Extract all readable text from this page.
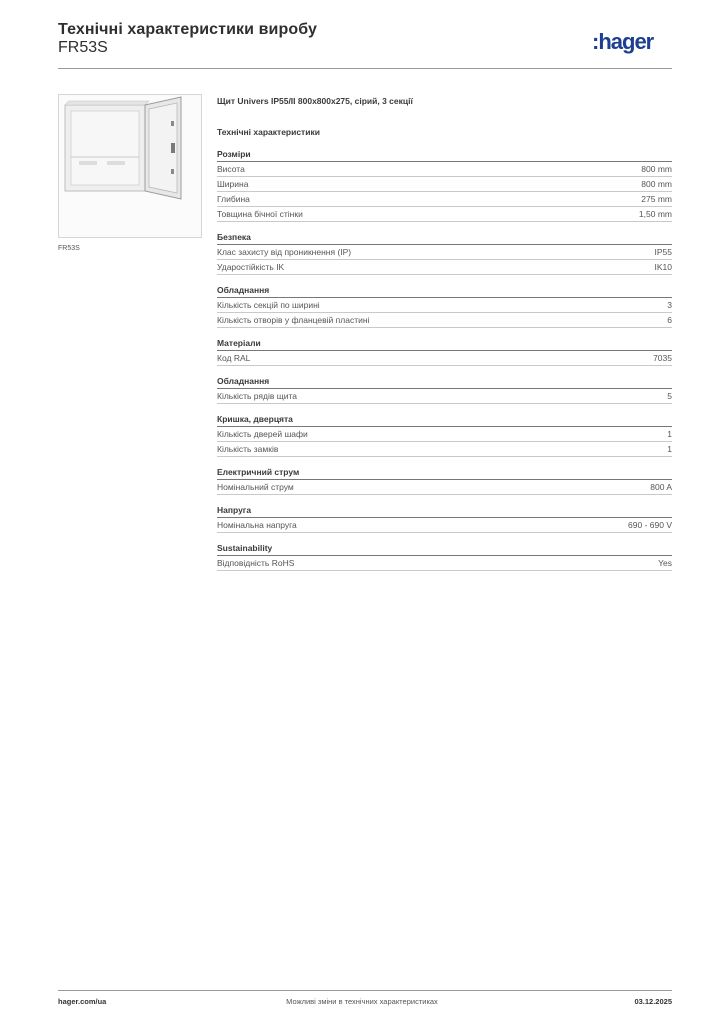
Технічні характеристики виробу
FR53S	:hager
FR53S
Щит Univers IP55/II 800x800x275, сірий, 3 секції
Технічні характеристики
Розміри
Висота	800 mm
Ширина	800 mm
Глибина	275 mm
Товщина бічної стінки	1,50 mm
Безпека
Клас захисту від проникнення (IP)	IP55
Ударостійкість IK	IK10
Обладнання
Кількість секцій по ширині	3
Кількість отворів у фланцевій пластині	6
Матеріали
Код RAL	7035
Обладнання
Кількість рядів щита	5
Кришка, дверцята
Кількість дверей шафи	1
Кількість замків	1
Електричний струм
Номінальний струм	800 A
Напруга
Номінальна напруга	690 - 690 V
Sustainability
Відповідність RoHS	Yes
hager.com/ua	Можливі зміни в технічних характеристиках	03.12.2025
